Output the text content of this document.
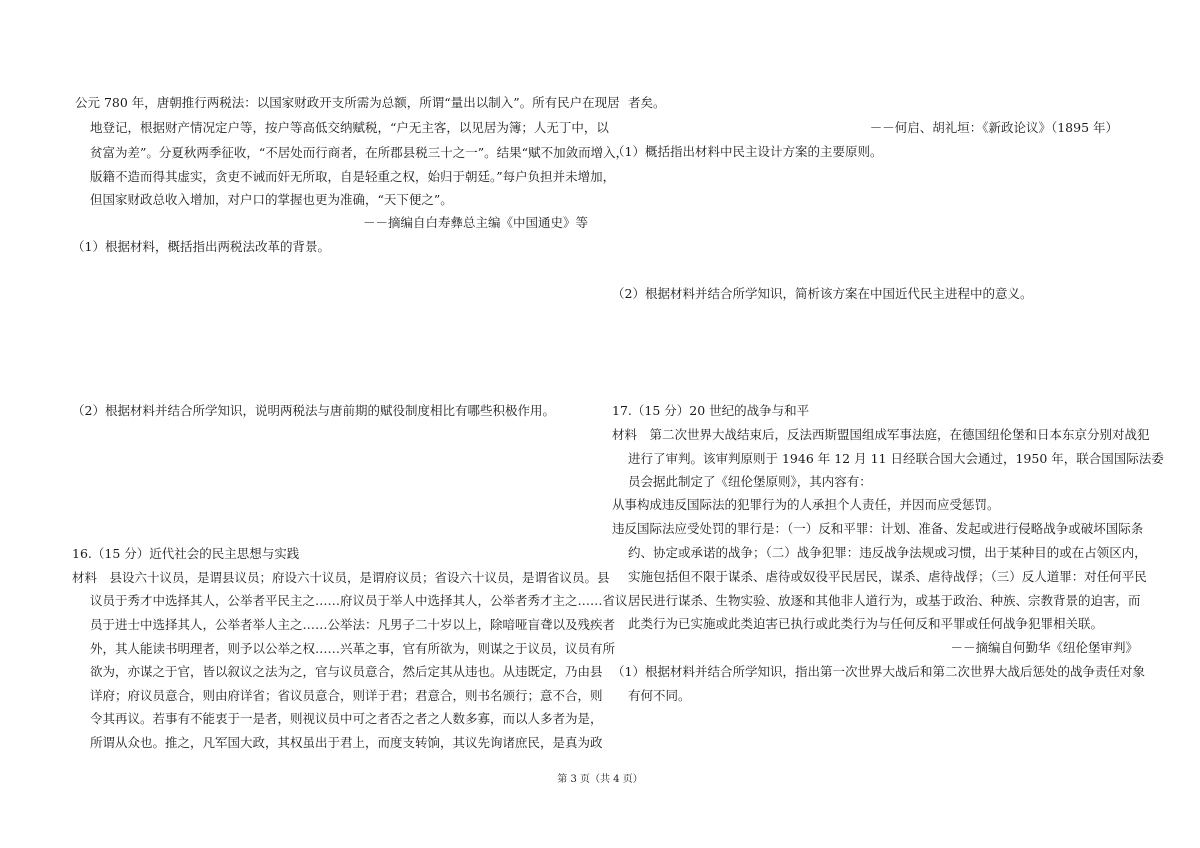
公元 780 年，唐朝推行两税法：以国家财政开支所需为总额，所谓“量出以制入”。所有民户在现居
地登记，根据财产情况定户等，按户等高低交纳赋税，“户无主客，以见居为簿；人无丁中，以
贫富为差”。分夏秋两季征收，“不居处而行商者，在所郡县税三十之一”。结果“赋不加敛而增入，
版籍不造而得其虚实，贪吏不诫而奸无所取，自是轻重之权，始归于朝廷。”每户负担并未增加，
但国家财政总收入增加，对户口的掌握也更为准确，“天下便之”。
－－摘编自白寿彝总主编《中国通史》等
（1）根据材料，概括指出两税法改革的背景。
（2）根据材料并结合所学知识，说明两税法与唐前期的赋役制度相比有哪些积极作用。
16.（15 分）近代社会的民主思想与实践
材料　县设六十议员，是谓县议员；府设六十议员，是谓府议员；省设六十议员，是谓省议员。县
议员于秀才中选择其人，公举者平民主之……府议员于举人中选择其人，公举者秀才主之……省议
员于进士中选择其人，公举者举人主之……公举法：凡男子二十岁以上，除喑哑盲聋以及残疾者
外，其人能读书明理者，则予以公举之权……兴革之事，官有所欲为，则谋之于议员，议员有所
欲为，亦谋之于官，皆以叙议之法为之，官与议员意合，然后定其从违也。从违既定，乃由县
详府；府议员意合，则由府详省；省议员意合，则详于君；君意合，则书名颁行；意不合，则
令其再议。若事有不能衷于一是者，则视议员中可之者否之者之人数多寡，而以人多者为是，
所谓从众也。推之，凡军国大政，其权虽出于君上，而度支转饷，其议先询诸庶民，是真为政
者矣。
－－何启、胡礼垣：《新政论议》（1895 年）
（1）概括指出材料中民主设计方案的主要原则。
（2）根据材料并结合所学知识，简析该方案在中国近代民主进程中的意义。
17.（15 分）20 世纪的战争与和平
材料　第二次世界大战结束后，反法西斯盟国组成军事法庭，在德国纽伦堡和日本东京分别对战犯
进行了审判。该审判原则于 1946 年 12 月 11 日经联合国大会通过，1950 年，联合国国际法委
员会据此制定了《纽伦堡原则》，其内容有：
从事构成违反国际法的犯罪行为的人承担个人责任，并因而应受惩罚。
违反国际法应受处罚的罪行是：（一）反和平罪：计划、准备、发起或进行侵略战争或破坏国际条
约、协定或承诺的战争；（二）战争犯罪：违反战争法规或习惯，出于某种目的或在占领区内，
实施包括但不限于谋杀、虐待或奴役平民居民，谋杀、虐待战俘；（三）反人道罪：对任何平民
居民进行谋杀、生物实验、放逐和其他非人道行为，或基于政治、种族、宗教背景的迫害，而
此类行为已实施或此类迫害已执行或此类行为与任何反和平罪或任何战争犯罪相关联。
－－摘编自何勤华《纽伦堡审判》
（1）根据材料并结合所学知识，指出第一次世界大战后和第二次世界大战后惩处的战争责任对象
有何不同。
第 3 页（共 4 页）
